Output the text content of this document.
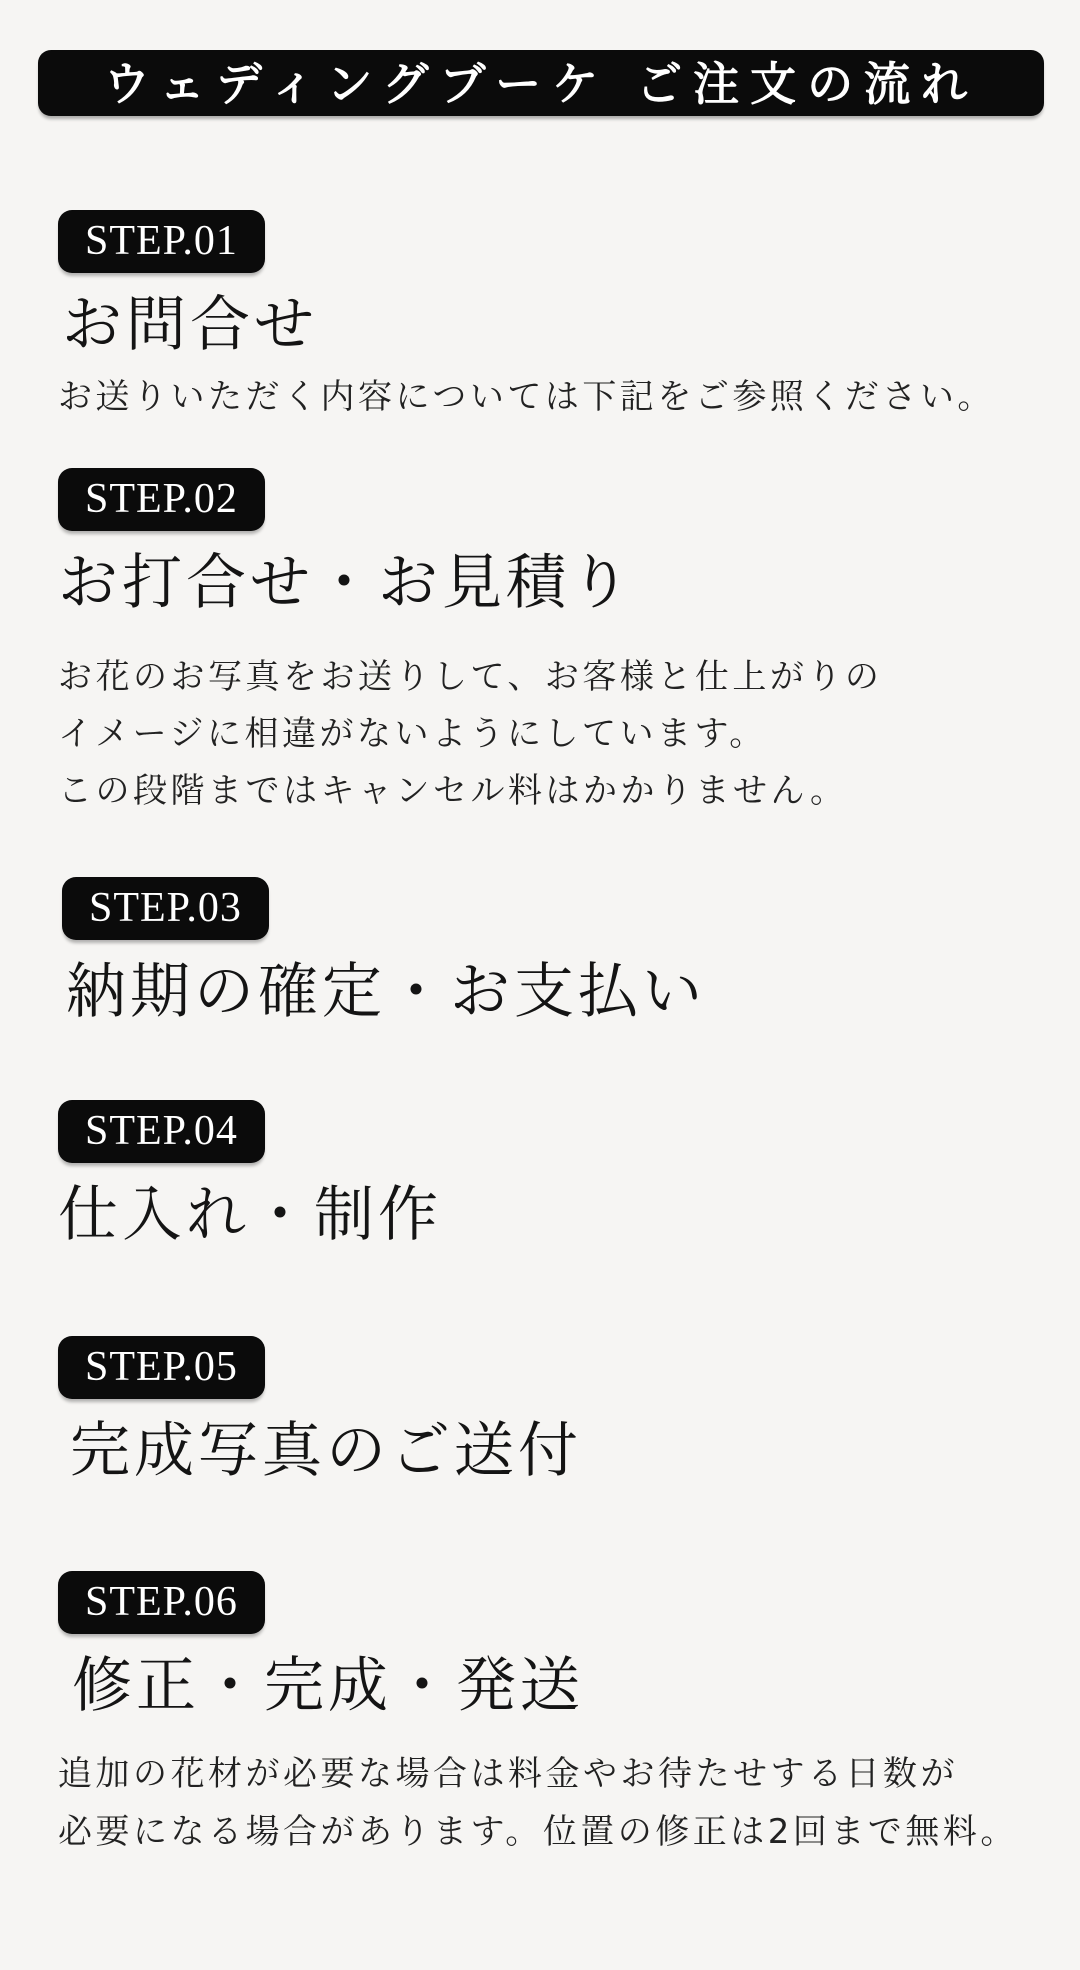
ウェディングブーケ ご注文の流れ
STEP.01
お問合せ
お送りいただく内容については下記をご参照ください。
STEP.02
お打合せ・お見積り
お花のお写真をお送りして、お客様と仕上がりの
イメージに相違がないようにしています。
この段階まではキャンセル料はかかりません。
STEP.03
納期の確定・お支払い
STEP.04
仕入れ・制作
STEP.05
完成写真のご送付
STEP.06
修正・完成・発送
追加の花材が必要な場合は料金やお待たせする日数が
必要になる場合があります。位置の修正は2回まで無料。
